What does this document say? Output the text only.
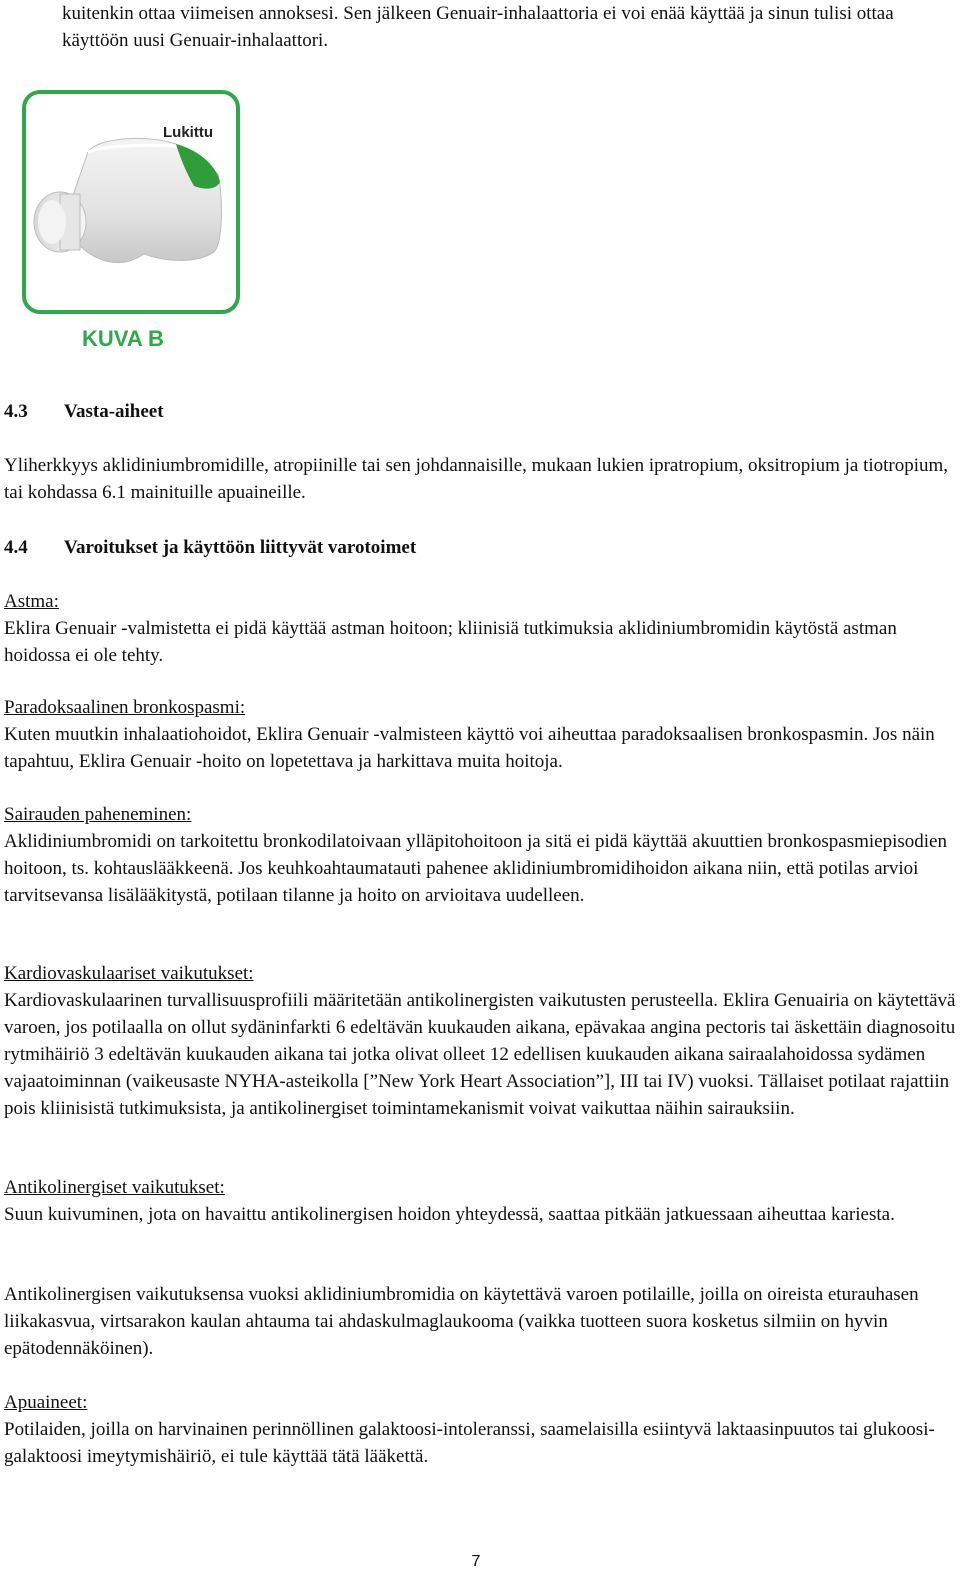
kuitenkin ottaa viimeisen annoksesi. Sen jälkeen Genuair-inhalaattoria ei voi enää käyttää ja sinun tulisi ottaa käyttöön uusi Genuair-inhalaattori.

Lukittu
KUVA B
4.3 Vasta-aiheet

Yliherkkyys aklidiniumbromidille, atropiinille tai sen johdannaisille, mukaan lukien ipratropium, oksitropium ja tiotropium, tai kohdassa 6.1 mainituille apuaineille.

4.4 Varoitukset ja käyttöön liittyvät varotoimet
Astma:
Eklira Genuair -valmistetta ei pidä käyttää astman hoitoon; kliinisiä tutkimuksia aklidiniumbromidin käytöstä astman hoidossa ei ole tehty.
Paradoksaalinen bronkospasmi:
Kuten muutkin inhalaatiohoidot, Eklira Genuair -valmisteen käyttö voi aiheuttaa paradoksaalisen bronkospasmin. Jos näin tapahtuu, Eklira Genuair -hoito on lopetettava ja harkittava muita hoitoja.
Sairauden paheneminen:
Aklidiniumbromidi on tarkoitettu bronkodilatoivaan ylläpitohoitoon ja sitä ei pidä käyttää akuuttien bronkospasmiepisodien hoitoon, ts. kohtauslääkkeenä. Jos keuhkoahtaumatauti pahenee aklidiniumbromidihoidon aikana niin, että potilas arvioi tarvitsevansa lisälääkitystä, potilaan tilanne ja hoito on arvioitava uudelleen.
Kardiovaskulaariset vaikutukset:
Kardiovaskulaarinen turvallisuusprofiili määritetään antikolinergisten vaikutusten perusteella. Eklira Genuairia on käytettävä varoen, jos potilaalla on ollut sydäninfarkti 6 edeltävän kuukauden aikana, epävakaa angina pectoris tai äskettäin diagnosoitu rytmihäiriö 3 edeltävän kuukauden aikana tai jotka olivat olleet 12 edellisen kuukauden aikana sairaalahoidossa sydämen vajaatoiminnan (vaikeusaste NYHA-asteikolla [”New York Heart Association”], III tai IV) vuoksi. Tällaiset potilaat rajattiin pois kliinisistä tutkimuksista, ja antikolinergiset toimintamekanismit voivat vaikuttaa näihin sairauksiin.
Antikolinergiset vaikutukset:
Suun kuivuminen, jota on havaittu antikolinergisen hoidon yhteydessä, saattaa pitkään jatkuessaan aiheuttaa kariesta.
Antikolinergisen vaikutuksensa vuoksi aklidiniumbromidia on käytettävä varoen potilaille, joilla on oireista eturauhasen liikakasvua, virtsarakon kaulan ahtauma tai ahdaskulmaglaukooma (vaikka tuotteen suora kosketus silmiin on hyvin epätodennäköinen).
Apuaineet:
Potilaiden, joilla on harvinainen perinnöllinen galaktoosi-intoleranssi, saamelaisilla esiintyvä laktaasinpuutos tai glukoosi-galaktoosi imeytymishäiriö, ei tule käyttää tätä lääkettä.
7
